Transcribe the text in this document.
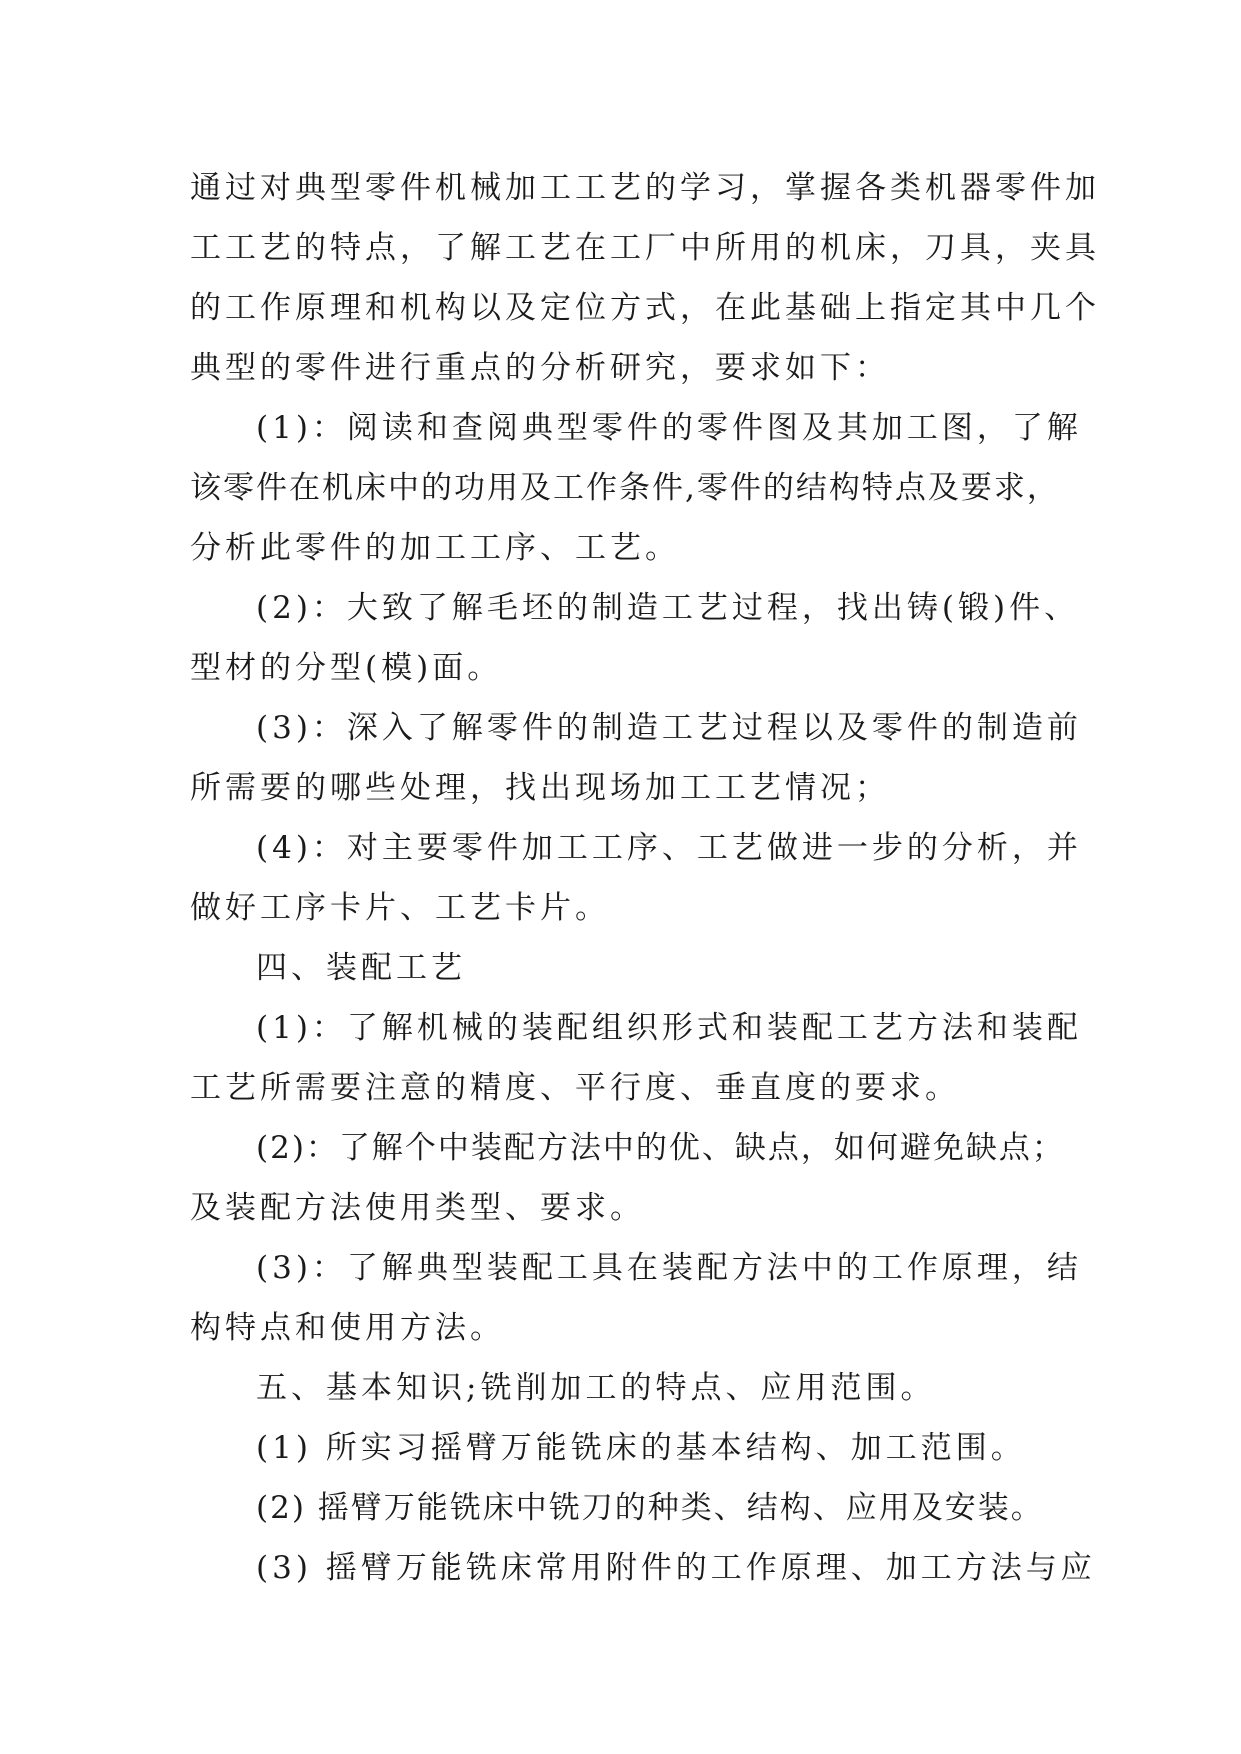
通过对典型零件机械加工工艺的学习，掌握各类机器零件加
工工艺的特点，了解工艺在工厂中所用的机床，刀具，夹具
的工作原理和机构以及定位方式，在此基础上指定其中几个
典型的零件进行重点的分析研究，要求如下：
(1)：阅读和查阅典型零件的零件图及其加工图，了解
该零件在机床中的功用及工作条件,零件的结构特点及要求，
分析此零件的加工工序、工艺。
(2)：大致了解毛坯的制造工艺过程，找出铸(锻)件、
型材的分型(模)面。
(3)：深入了解零件的制造工艺过程以及零件的制造前
所需要的哪些处理，找出现场加工工艺情况；
(4)：对主要零件加工工序、工艺做进一步的分析，并
做好工序卡片、工艺卡片。
四、装配工艺
(1)：了解机械的装配组织形式和装配工艺方法和装配
工艺所需要注意的精度、平行度、垂直度的要求。
(2)：了解个中装配方法中的优、缺点，如何避免缺点；
及装配方法使用类型、要求。
(3)：了解典型装配工具在装配方法中的工作原理，结
构特点和使用方法。
五、基本知识;铣削加工的特点、应用范围。
(1) 所实习摇臂万能铣床的基本结构、加工范围。
(2) 摇臂万能铣床中铣刀的种类、结构、应用及安装。
(3) 摇臂万能铣床常用附件的工作原理、加工方法与应
